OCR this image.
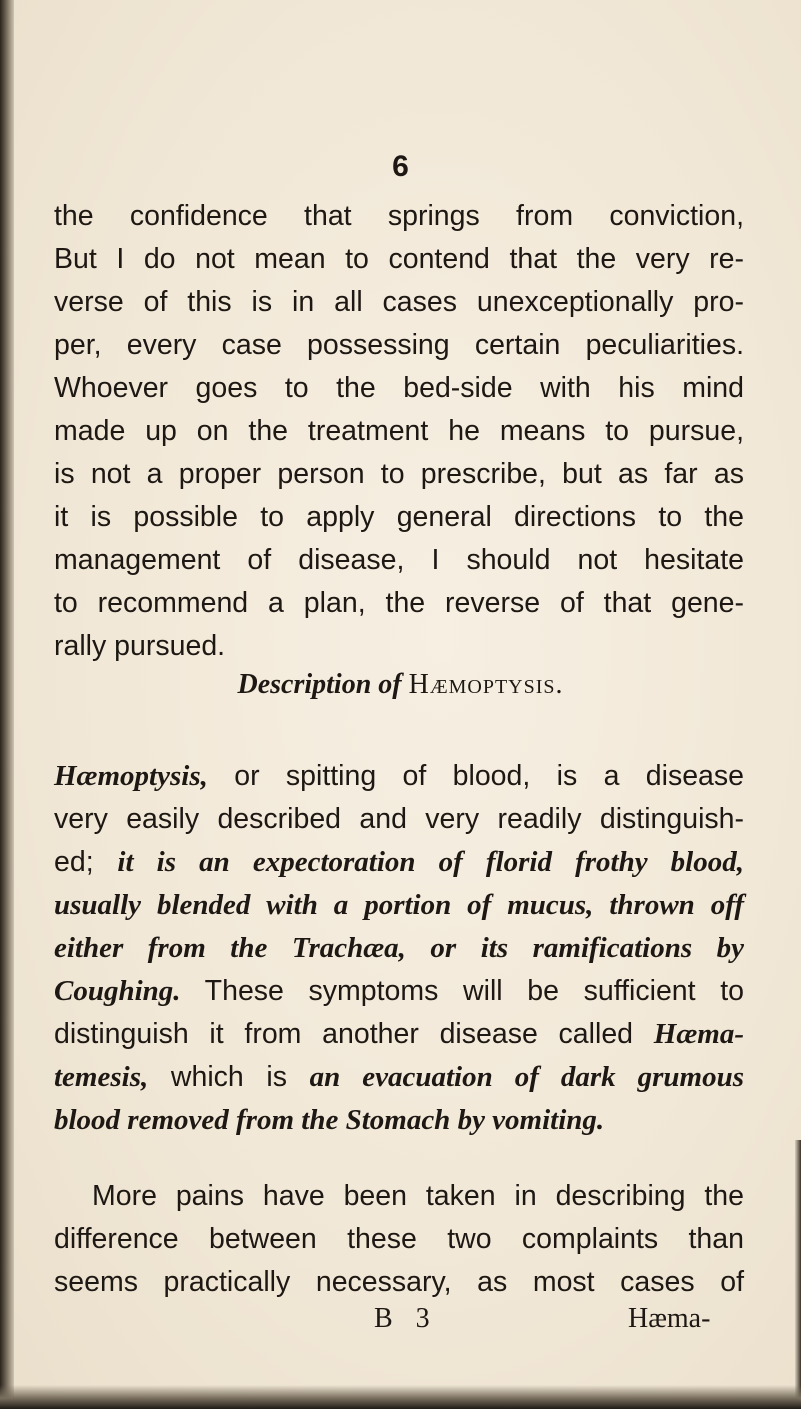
6
the confidence that springs from conviction,
But I do not mean to contend that the very re-
verse of this is in all cases unexceptionally pro-
per, every case possessing certain peculiarities.
Whoever goes to the bed-side with his mind
made up on the treatment he means to pursue,
is not a proper person to prescribe, but as far as
it is possible to apply general directions to the
management of disease, I should not hesitate
to recommend a plan, the reverse of that gene-
rally pursued.
Description of Hæmoptysis.
Hæmoptysis, or spitting of blood, is a disease
very easily described and very readily distinguish-
ed; it is an expectoration of florid frothy blood,
usually blended with a portion of mucus, thrown off
either from the Trachæa, or its ramifications by
Coughing. These symptoms will be sufficient to
distinguish it from another disease called Hæma-
temesis, which is an evacuation of dark grumous
blood removed from the Stomach by vomiting.
More pains have been taken in describing the
difference between these two complaints than
seems practically necessary, as most cases of
B 3	Hæma-
